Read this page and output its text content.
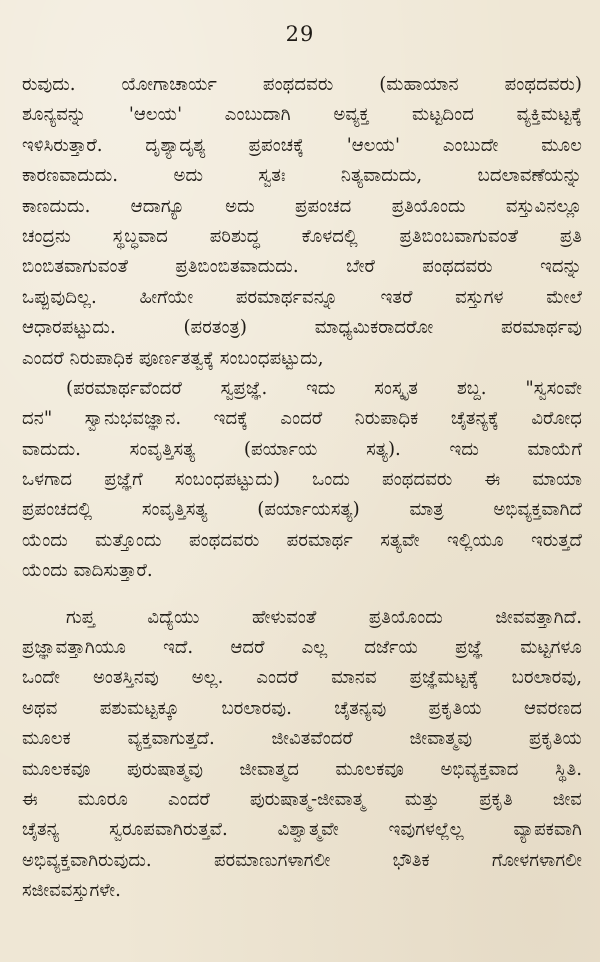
29
ರುವುದು. ಯೋಗಾಚಾರ್ಯ ಪಂಥದವರು (ಮಹಾಯಾನ ಪಂಥದವರು)
ಶೂನ್ಯವನ್ನು 'ಆಲಯ' ಎಂಬುದಾಗಿ ಅವ್ಯಕ್ತ ಮಟ್ಟದಿಂದ ವ್ಯಕ್ತಿಮಟ್ಟಕ್ಕೆ
ಇಳಿಸಿರುತ್ತಾರೆ. ದೃಶ್ಯಾದೃಶ್ಯ ಪ್ರಪಂಚಕ್ಕೆ 'ಆಲಯ' ಎಂಬುದೇ ಮೂಲ
ಕಾರಣವಾದುದು. ಅದು ಸ್ವತಃ ನಿತ್ಯವಾದುದು, ಬದಲಾವಣೆಯನ್ನು
ಕಾಣದುದು. ಆದಾಗ್ಯೂ ಅದು ಪ್ರಪಂಚದ ಪ್ರತಿಯೊಂದು ವಸ್ತುವಿನಲ್ಲೂ
ಚಂದ್ರನು ಸ್ಥಬ್ಧವಾದ ಪರಿಶುದ್ಧ ಕೊಳದಲ್ಲಿ ಪ್ರತಿಬಿಂಬವಾಗುವಂತೆ ಪ್ರತಿ
ಬಿಂಬಿತವಾಗುವಂತೆ ಪ್ರತಿಬಿಂಬಿತವಾದುದು. ಬೇರೆ ಪಂಥದವರು ಇದನ್ನು
ಒಪ್ಪುವುದಿಲ್ಲ. ಹೀಗೆಯೇ ಪರಮಾರ್ಥವನ್ನೂ ಇತರೆ ವಸ್ತುಗಳ ಮೇಲೆ
ಆಧಾರಪಟ್ಟುದು. (ಪರತಂತ್ರ) ಮಾಧ್ಯಮಿಕರಾದರೋ ಪರಮಾರ್ಥವು
ಎಂದರೆ ನಿರುಪಾಧಿಕ ಪೂರ್ಣತತ್ವಕ್ಕೆ ಸಂಬಂಧಪಟ್ಟುದು,
(ಪರಮಾರ್ಥವೆಂದರೆ ಸ್ವಪ್ರಜ್ಞೆ. ಇದು ಸಂಸ್ಕೃತ ಶಬ್ದ. "ಸ್ವಸಂವೇ
ದನ" ಸ್ವಾನುಭವಜ್ಞಾನ. ಇದಕ್ಕೆ ಎಂದರೆ ನಿರುಪಾಧಿಕ ಚೈತನ್ಯಕ್ಕೆ ವಿರೋಧ
ವಾದುದು. ಸಂವೃತ್ತಿಸತ್ಯ (ಪರ್ಯಾಯ ಸತ್ಯ). ಇದು ಮಾಯೆಗೆ
ಒಳಗಾದ ಪ್ರಜ್ಞೆಗೆ ಸಂಬಂಧಪಟ್ಟುದು) ಒಂದು ಪಂಥದವರು ಈ ಮಾಯಾ
ಪ್ರಪಂಚದಲ್ಲಿ ಸಂವೃತ್ತಿಸತ್ಯ (ಪರ್ಯಾಯಸತ್ಯ) ಮಾತ್ರ ಅಭಿವ್ಯಕ್ತವಾಗಿದೆ
ಯೆಂದು ಮತ್ತೊಂದು ಪಂಥದವರು ಪರಮಾರ್ಥ ಸತ್ಯವೇ ಇಲ್ಲಿಯೂ ಇರುತ್ತದೆ
ಯೆಂದು ವಾದಿಸುತ್ತಾರೆ.
ಗುಪ್ತ ವಿದ್ಯೆಯು ಹೇಳುವಂತೆ ಪ್ರತಿಯೊಂದು ಜೀವವತ್ತಾಗಿದೆ.
ಪ್ರಜ್ಞಾವತ್ತಾಗಿಯೂ ಇದೆ. ಆದರೆ ಎಲ್ಲ ದರ್ಜೆಯ ಪ್ರಜ್ಞೆ ಮಟ್ಟಗಳೂ
ಒಂದೇ ಅಂತಸ್ತಿನವು ಅಲ್ಲ. ಎಂದರೆ ಮಾನವ ಪ್ರಜ್ಞೆಮಟ್ಟಕ್ಕೆ ಬರಲಾರವು,
ಅಥವ ಪಶುಮಟ್ಟಕ್ಕೂ ಬರಲಾರವು. ಚೈತನ್ಯವು ಪ್ರಕೃತಿಯ ಆವರಣದ
ಮೂಲಕ ವ್ಯಕ್ತವಾಗುತ್ತದೆ. ಜೀವಿತವೆಂದರೆ ಜೀವಾತ್ಮವು ಪ್ರಕೃತಿಯ
ಮೂಲಕವೂ ಪುರುಷಾತ್ಮವು ಜೀವಾತ್ಮದ ಮೂಲಕವೂ ಅಭಿವ್ಯಕ್ತವಾದ ಸ್ಥಿತಿ.
ಈ ಮೂರೂ ಎಂದರೆ ಪುರುಷಾತ್ಮ-ಜೀವಾತ್ಮ ಮತ್ತು ಪ್ರಕೃತಿ ಜೀವ
ಚೈತನ್ಯ ಸ್ವರೂಪವಾಗಿರುತ್ತವೆ. ವಿಶ್ವಾತ್ಮವೇ ಇವುಗಳಲ್ಲೆಲ್ಲ ವ್ಯಾಪಕವಾಗಿ
ಅಭಿವ್ಯಕ್ತವಾಗಿರುವುದು. ಪರಮಾಣುಗಳಾಗಲೀ ಭೌತಿಕ ಗೋಳಗಳಾಗಲೀ
ಸಜೀವವಸ್ತುಗಳೇ.
